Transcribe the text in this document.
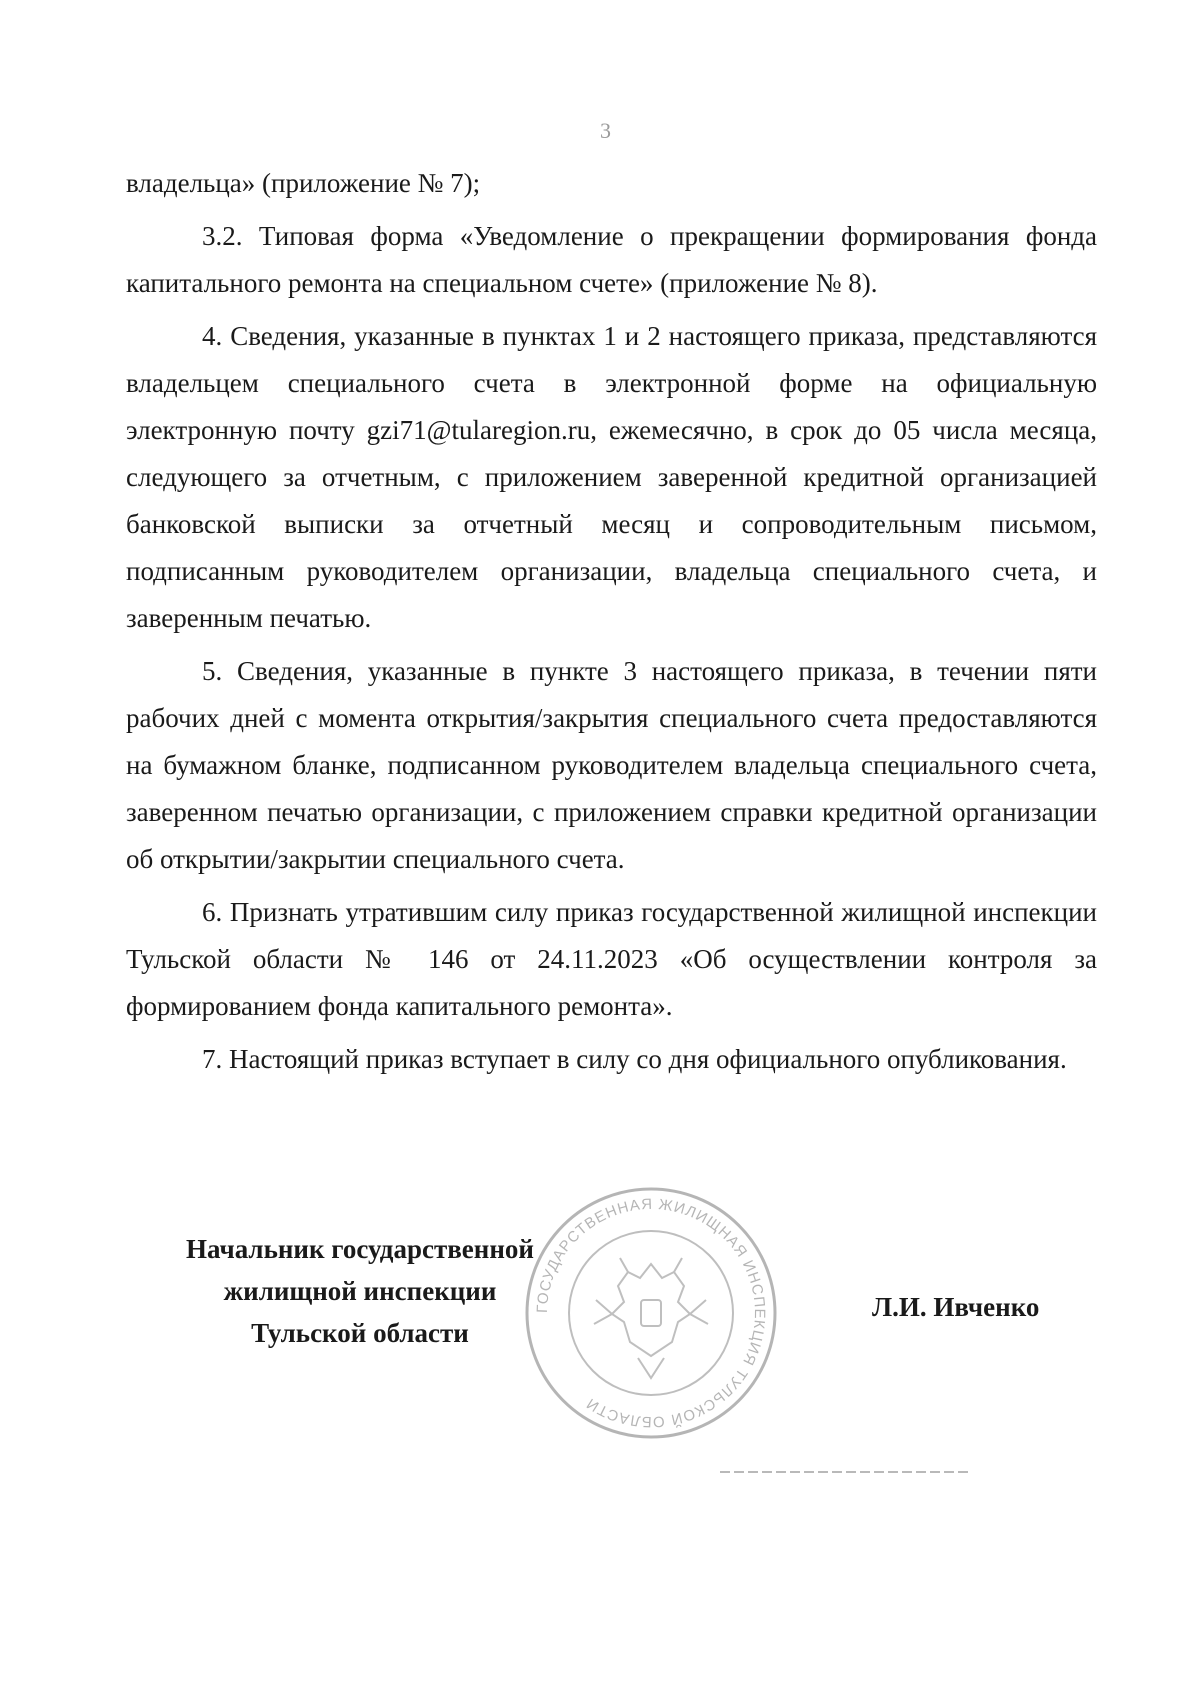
3

владельца» (приложение № 7);

3.2. Типовая форма «Уведомление о прекращении формирования фонда капитального ремонта на специальном счете» (приложение № 8).

4. Сведения, указанные в пунктах 1 и 2 настоящего приказа, представляются владельцем специального счета в электронной форме на официальную электронную почту gzi71@tularegion.ru, ежемесячно, в срок до 05 числа месяца, следующего за отчетным, с приложением заверенной кредитной организацией банковской выписки за отчетный месяц и сопроводительным письмом, подписанным руководителем организации, владельца специального счета, и заверенным печатью.

5. Сведения, указанные в пункте 3 настоящего приказа, в течении пяти рабочих дней с момента открытия/закрытия специального счета предоставляются на бумажном бланке, подписанном руководителем владельца специального счета, заверенном печатью организации, с приложением справки кредитной организации об открытии/закрытии специального счета.

6. Признать утратившим силу приказ государственной жилищной инспекции Тульской области № 146 от 24.11.2023 «Об осуществлении контроля за формированием фонда капитального ремонта».

7. Настоящий приказ вступает в силу со дня официального опубликования.

Начальник государственной
жилищной инспекции
Тульской области
ГОСУДАРСТВЕННАЯ ЖИЛИЩНАЯ ИНСПЕКЦИЯ ТУЛЬСКОЙ ОБЛАСТИ
Л.И. Ивченко
